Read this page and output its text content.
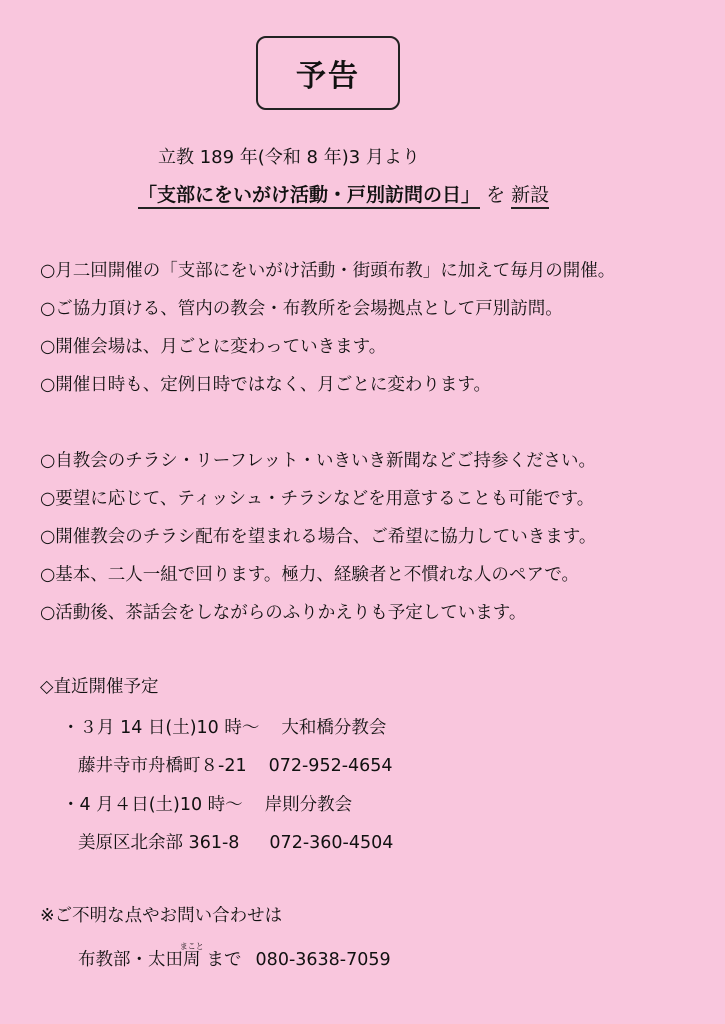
予告
立教 189 年(令和 8 年)3 月より
「支部にをいがけ活動・戸別訪問の日」 を 新設
○月二回開催の「支部にをいがけ活動・街頭布教」に加えて毎月の開催。
○ご協力頂ける、管内の教会・布教所を会場拠点として戸別訪問。
○開催会場は、月ごとに変わっていきます。
○開催日時も、定例日時ではなく、月ごとに変わります。
○自教会のチラシ・リーフレット・いきいき新聞などご持参ください。
○要望に応じて、ティッシュ・チラシなどを用意することも可能です。
○開催教会のチラシ配布を望まれる場合、ご希望に協力していきます。
○基本、二人一組で回ります。極力、経験者と不慣れな人のペアで。
○活動後、茶話会をしながらのふりかえりも予定しています。
◇直近開催予定
・３月 14 日(土)10 時～ 大和橋分教会
藤井寺市舟橋町８-21 072-952-4654
・4 月４日(土)10 時～ 岸則分教会
美原区北余部 361-8 072-360-4504
※ご不明な点やお問い合わせは
布教部・太田周まこと まで 080-3638-7059
